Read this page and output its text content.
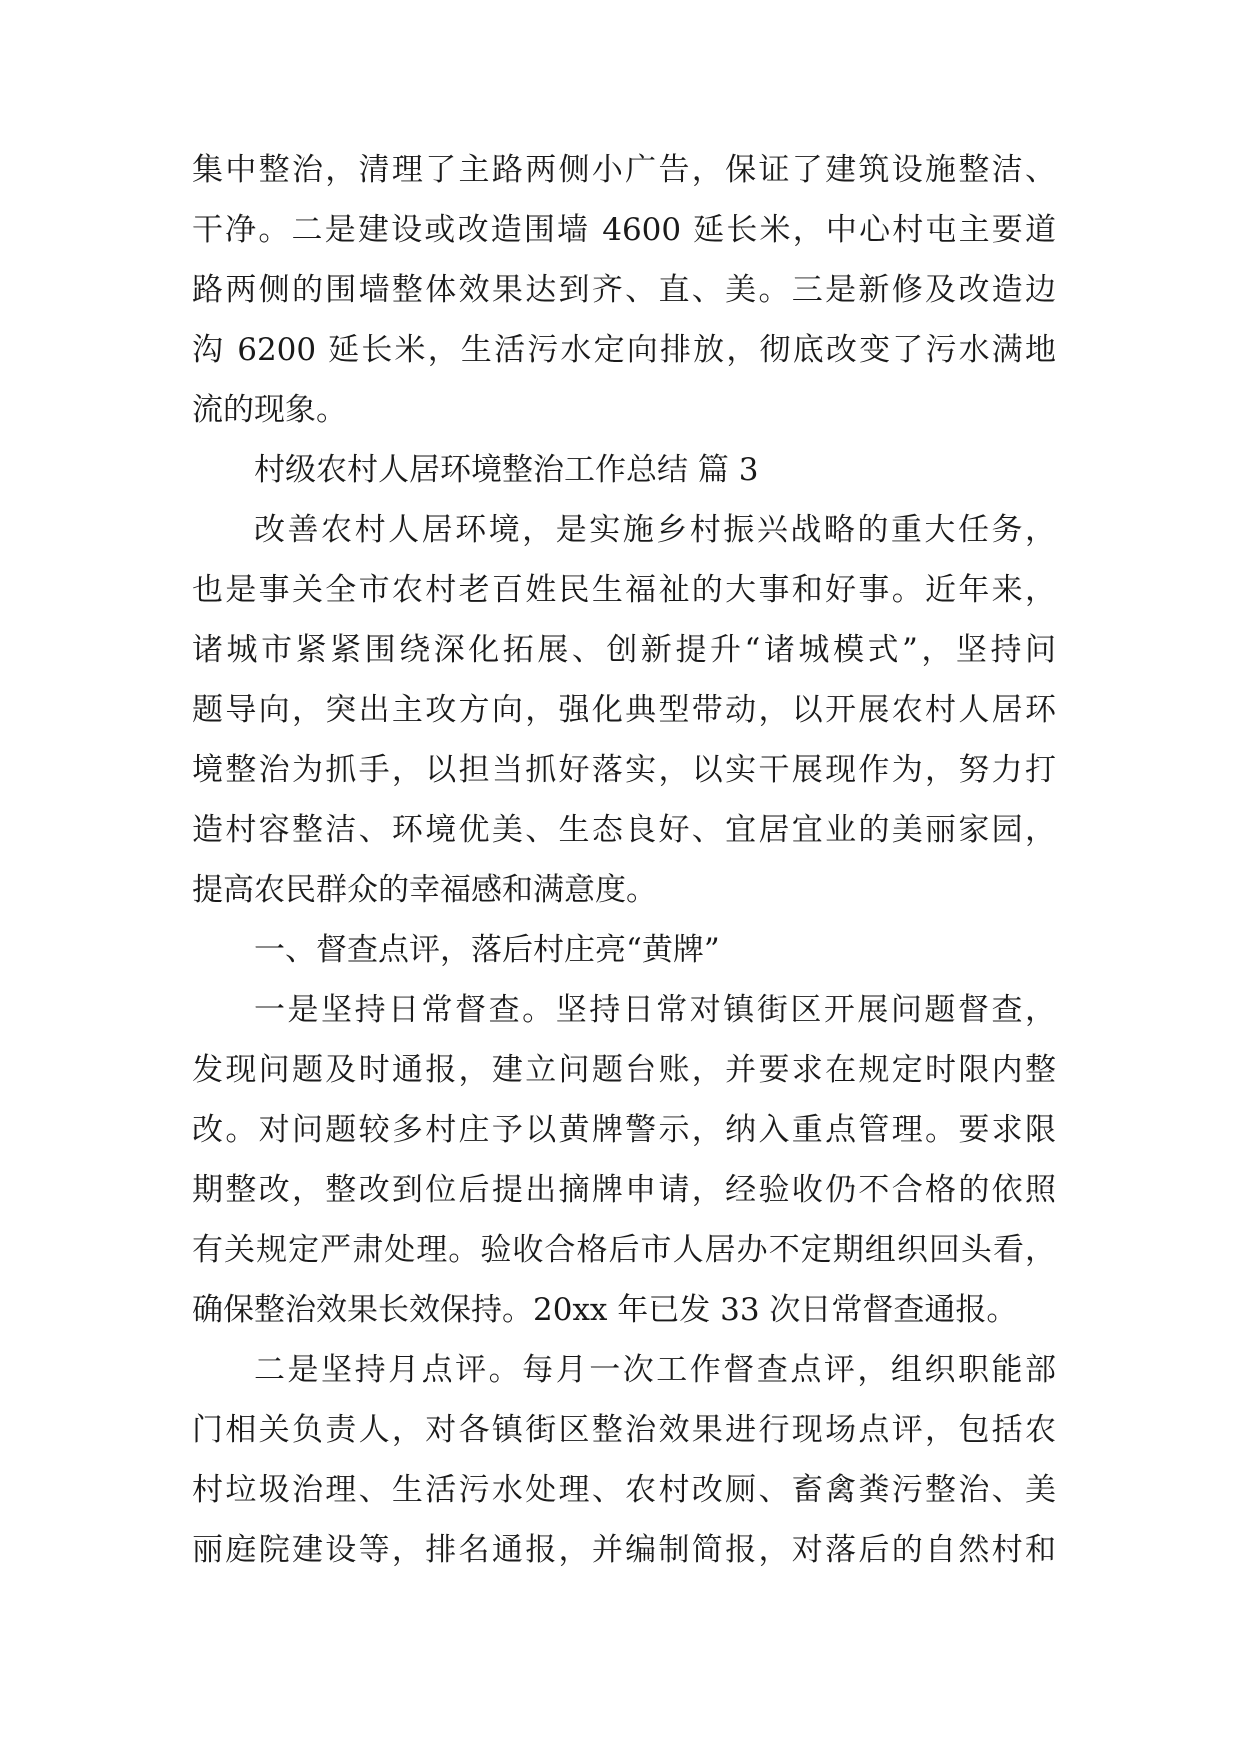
集中整治，清理了主路两侧小广告，保证了建筑设施整洁、
干净。二是建设或改造围墙 4600 延长米，中心村屯主要道
路两侧的围墙整体效果达到齐、直、美。三是新修及改造边
沟 6200 延长米，生活污水定向排放，彻底改变了污水满地
流的现象。
村级农村人居环境整治工作总结 篇 3
改善农村人居环境，是实施乡村振兴战略的重大任务，
也是事关全市农村老百姓民生福祉的大事和好事。近年来，
诸城市紧紧围绕深化拓展、创新提升“诸城模式”，坚持问
题导向，突出主攻方向，强化典型带动，以开展农村人居环
境整治为抓手，以担当抓好落实，以实干展现作为，努力打
造村容整洁、环境优美、生态良好、宜居宜业的美丽家园，
提高农民群众的幸福感和满意度。
一、督查点评，落后村庄亮“黄牌”
一是坚持日常督查。坚持日常对镇街区开展问题督查，
发现问题及时通报，建立问题台账，并要求在规定时限内整
改。对问题较多村庄予以黄牌警示，纳入重点管理。要求限
期整改，整改到位后提出摘牌申请，经验收仍不合格的依照
有关规定严肃处理。验收合格后市人居办不定期组织回头看，
确保整治效果长效保持。20xx 年已发 33 次日常督查通报。
二是坚持月点评。每月一次工作督查点评，组织职能部
门相关负责人，对各镇街区整治效果进行现场点评，包括农
村垃圾治理、生活污水处理、农村改厕、畜禽粪污整治、美
丽庭院建设等，排名通报，并编制简报，对落后的自然村和
